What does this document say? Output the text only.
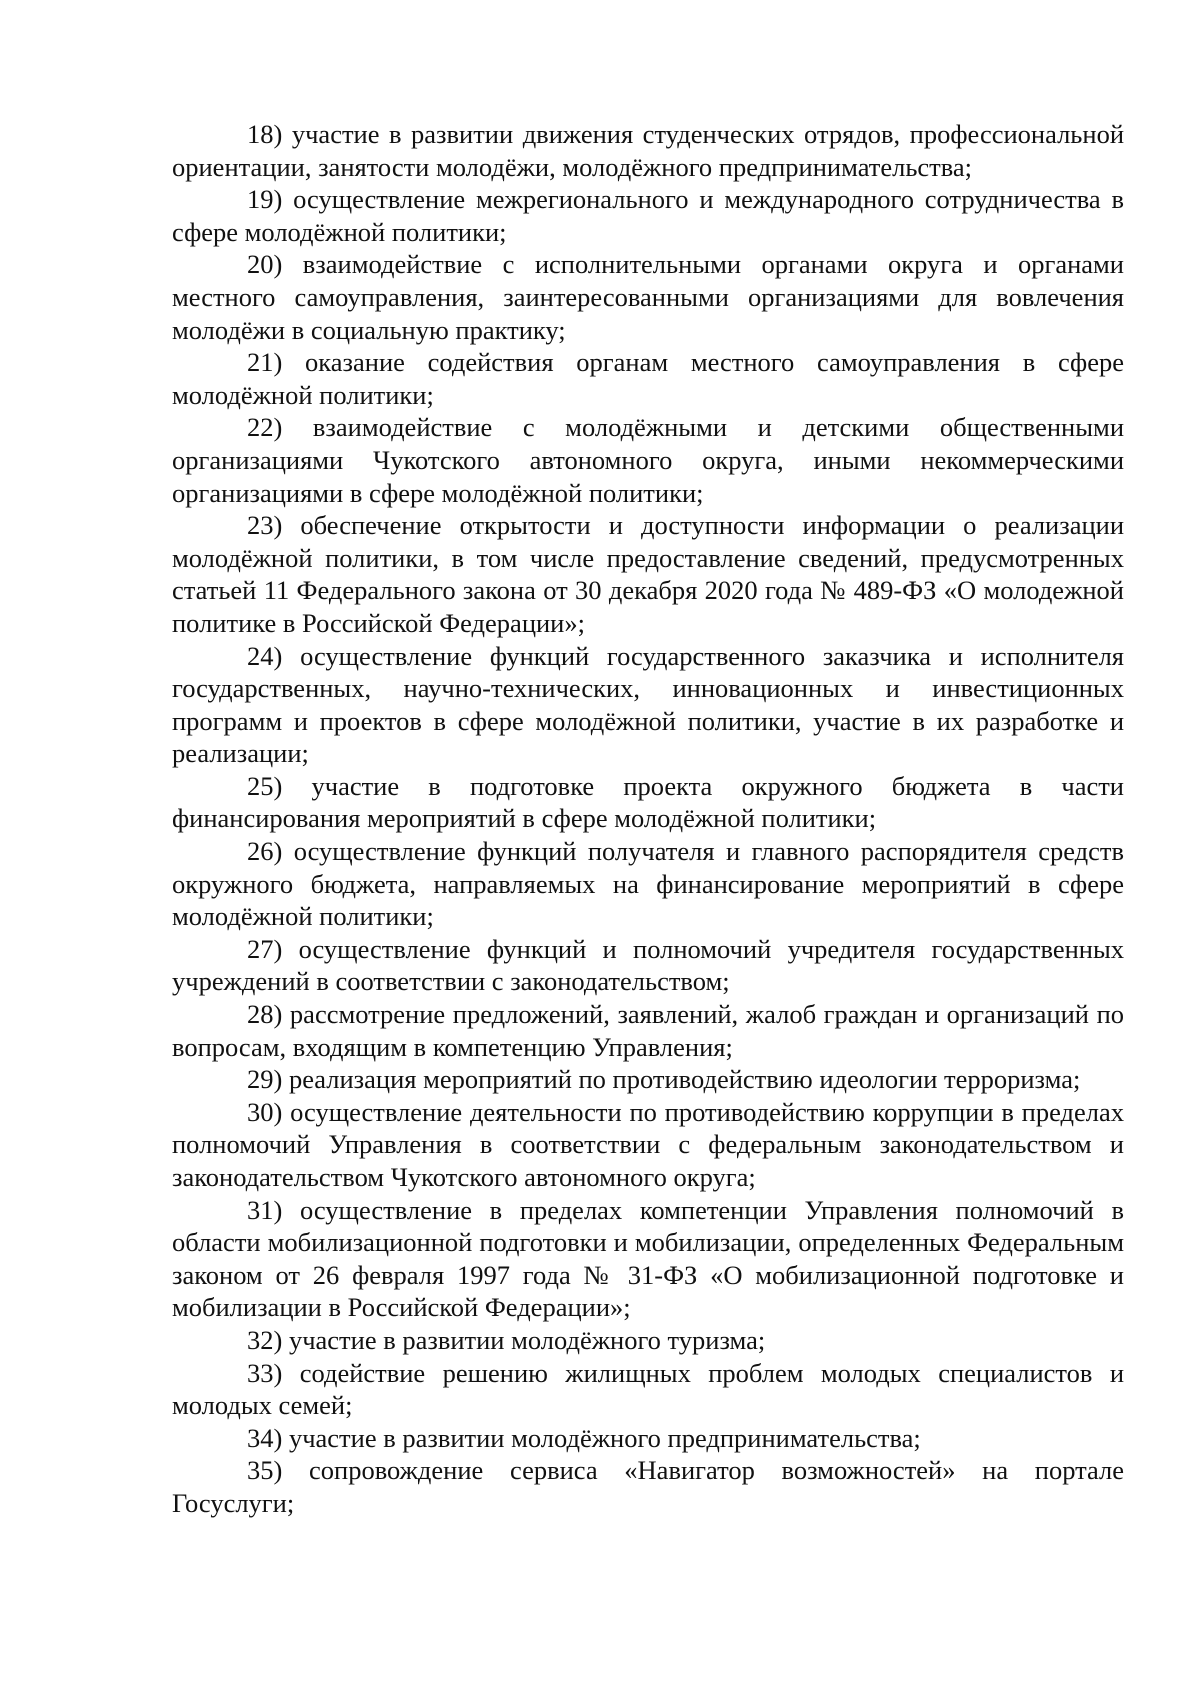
18) участие в развитии движения студенческих отрядов, профессиональной ориентации, занятости молодёжи, молодёжного предпринимательства;

19) осуществление межрегионального и международного сотрудничества в сфере молодёжной политики;

20) взаимодействие с исполнительными органами округа и органами местного самоуправления, заинтересованными организациями для вовлечения молодёжи в социальную практику;

21) оказание содействия органам местного самоуправления в сфере молодёжной политики;

22) взаимодействие с молодёжными и детскими общественными организациями Чукотского автономного округа, иными некоммерческими организациями в сфере молодёжной политики;

23) обеспечение открытости и доступности информации о реализации молодёжной политики, в том числе предоставление сведений, предусмотренных статьей 11 Федерального закона от 30 декабря 2020 года № 489-ФЗ «О молодежной политике в Российской Федерации»;

24) осуществление функций государственного заказчика и исполнителя государственных, научно-технических, инновационных и инвестиционных программ и проектов в сфере молодёжной политики, участие в их разработке и реализации;

25) участие в подготовке проекта окружного бюджета в части финансирования мероприятий в сфере молодёжной политики;

26) осуществление функций получателя и главного распорядителя средств окружного бюджета, направляемых на финансирование мероприятий в сфере молодёжной политики;

27) осуществление функций и полномочий учредителя государственных учреждений в соответствии с законодательством;

28) рассмотрение предложений, заявлений, жалоб граждан и организаций по вопросам, входящим в компетенцию Управления;

29) реализация мероприятий по противодействию идеологии терроризма;

30) осуществление деятельности по противодействию коррупции в пределах полномочий Управления в соответствии с федеральным законодательством и законодательством Чукотского автономного округа;

31) осуществление в пределах компетенции Управления полномочий в области мобилизационной подготовки и мобилизации, определенных Федеральным законом от 26 февраля 1997 года № 31-ФЗ «О мобилизационной подготовке и мобилизации в Российской Федерации»;

32) участие в развитии молодёжного туризма;

33) содействие решению жилищных проблем молодых специалистов и молодых семей;

34) участие в развитии молодёжного предпринимательства;

35) сопровождение сервиса «Навигатор возможностей» на портале Госуслуги;
